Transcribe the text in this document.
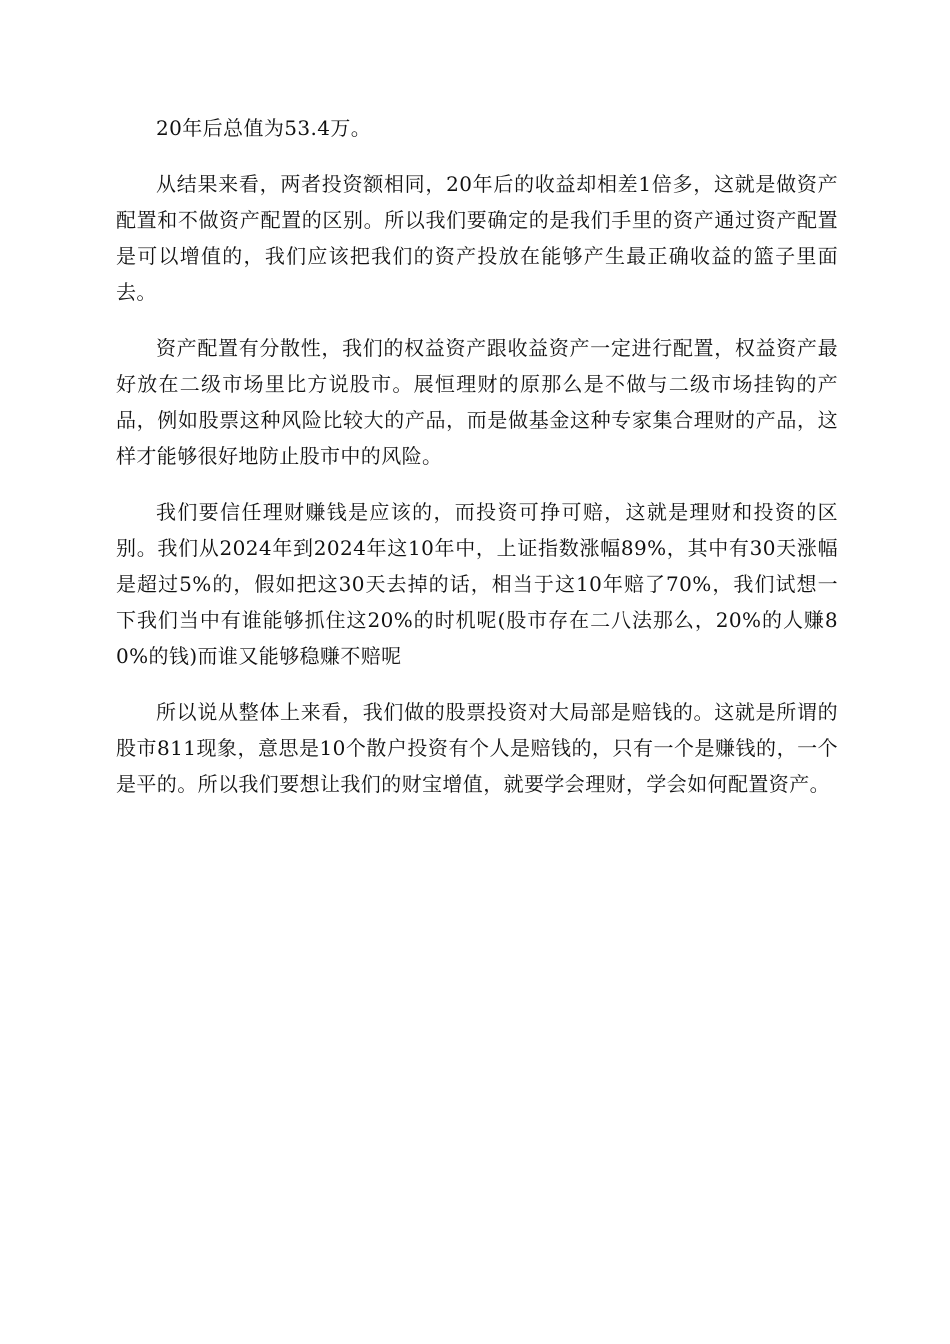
20年后总值为53.4万。

从结果来看，两者投资额相同，20年后的收益却相差1倍多，这就是做资产配置和不做资产配置的区别。所以我们要确定的是我们手里的资产通过资产配置是可以增值的，我们应该把我们的资产投放在能够产生最正确收益的篮子里面去。

资产配置有分散性，我们的权益资产跟收益资产一定进行配置，权益资产最好放在二级市场里比方说股市。展恒理财的原那么是不做与二级市场挂钩的产品，例如股票这种风险比较大的产品，而是做基金这种专家集合理财的产品，这样才能够很好地防止股市中的风险。

我们要信任理财赚钱是应该的，而投资可挣可赔，这就是理财和投资的区别。我们从2024年到2024年这10年中，上证指数涨幅89%，其中有30天涨幅是超过5%的，假如把这30天去掉的话，相当于这10年赔了70%，我们试想一下我们当中有谁能够抓住这20%的时机呢(股市存在二八法那么，20%的人赚80%的钱)而谁又能够稳赚不赔呢

所以说从整体上来看，我们做的股票投资对大局部是赔钱的。这就是所谓的股市811现象，意思是10个散户投资有个人是赔钱的，只有一个是赚钱的，一个是平的。所以我们要想让我们的财宝增值，就要学会理财，学会如何配置资产。
